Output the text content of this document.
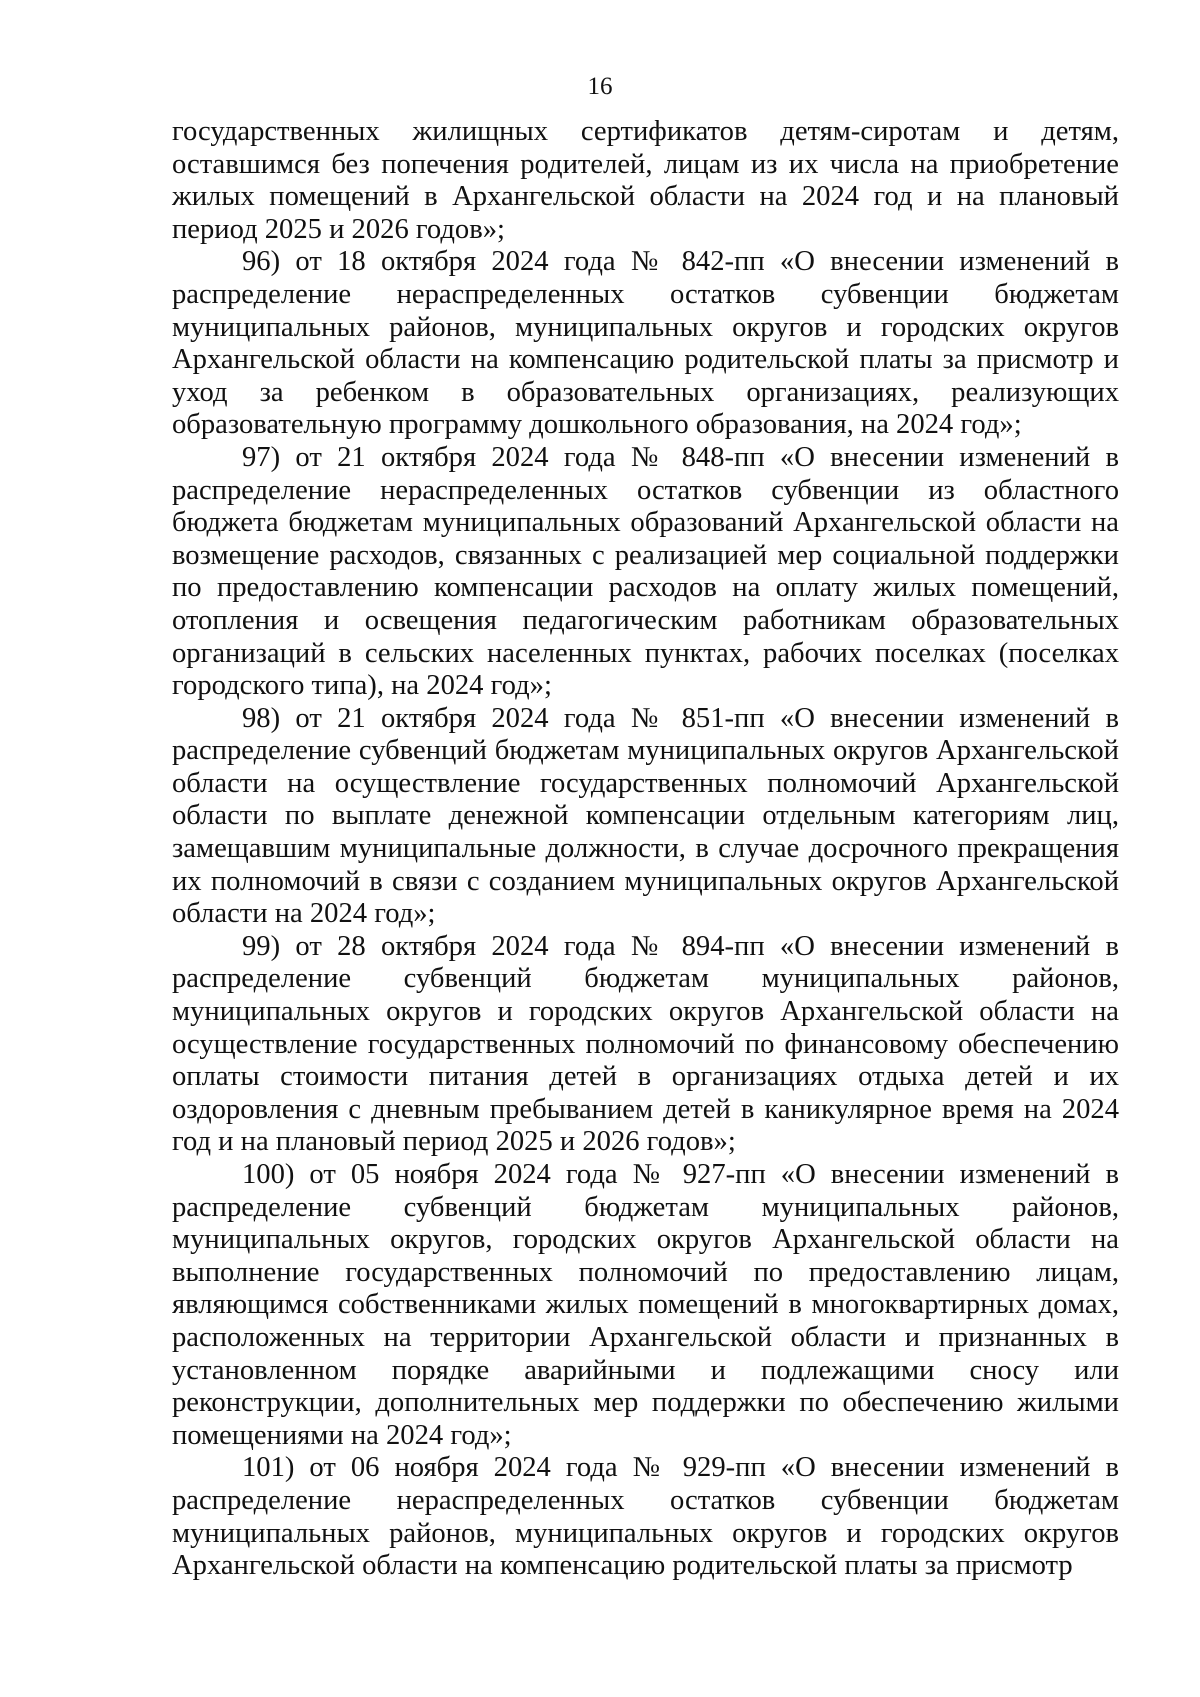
16

государственных жилищных сертификатов детям-сиротам и детям, оставшимся без попечения родителей, лицам из их числа на приобретение жилых помещений в Архангельской области на 2024 год и на плановый период 2025 и 2026 годов»;

96) от 18 октября 2024 года № 842-пп «О внесении изменений в распределение нераспределенных остатков субвенции бюджетам муниципальных районов, муниципальных округов и городских округов Архангельской области на компенсацию родительской платы за присмотр и уход за ребенком в образовательных организациях, реализующих образовательную программу дошкольного образования, на 2024 год»;

97) от 21 октября 2024 года № 848-пп «О внесении изменений в распределение нераспределенных остатков субвенции из областного бюджета бюджетам муниципальных образований Архангельской области на возмещение расходов, связанных с реализацией мер социальной поддержки по предоставлению компенсации расходов на оплату жилых помещений, отопления и освещения педагогическим работникам образовательных организаций в сельских населенных пунктах, рабочих поселках (поселках городского типа), на 2024 год»;

98) от 21 октября 2024 года № 851-пп «О внесении изменений в распределение субвенций бюджетам муниципальных округов Архангельской области на осуществление государственных полномочий Архангельской области по выплате денежной компенсации отдельным категориям лиц, замещавшим муниципальные должности, в случае досрочного прекращения их полномочий в связи с созданием муниципальных округов Архангельской области на 2024 год»;

99) от 28 октября 2024 года № 894-пп «О внесении изменений в распределение субвенций бюджетам муниципальных районов, муниципальных округов и городских округов Архангельской области на осуществление государственных полномочий по финансовому обеспечению оплаты стоимости питания детей в организациях отдыха детей и их оздоровления с дневным пребыванием детей в каникулярное время на 2024 год и на плановый период 2025 и 2026 годов»;

100) от 05 ноября 2024 года № 927-пп «О внесении изменений в распределение субвенций бюджетам муниципальных районов, муниципальных округов, городских округов Архангельской области на выполнение государственных полномочий по предоставлению лицам, являющимся собственниками жилых помещений в многоквартирных домах, расположенных на территории Архангельской области и признанных в установленном порядке аварийными и подлежащими сносу или реконструкции, дополнительных мер поддержки по обеспечению жилыми помещениями на 2024 год»;

101) от 06 ноября 2024 года № 929-пп «О внесении изменений в распределение нераспределенных остатков субвенции бюджетам муниципальных районов, муниципальных округов и городских округов Архангельской области на компенсацию родительской платы за присмотр
